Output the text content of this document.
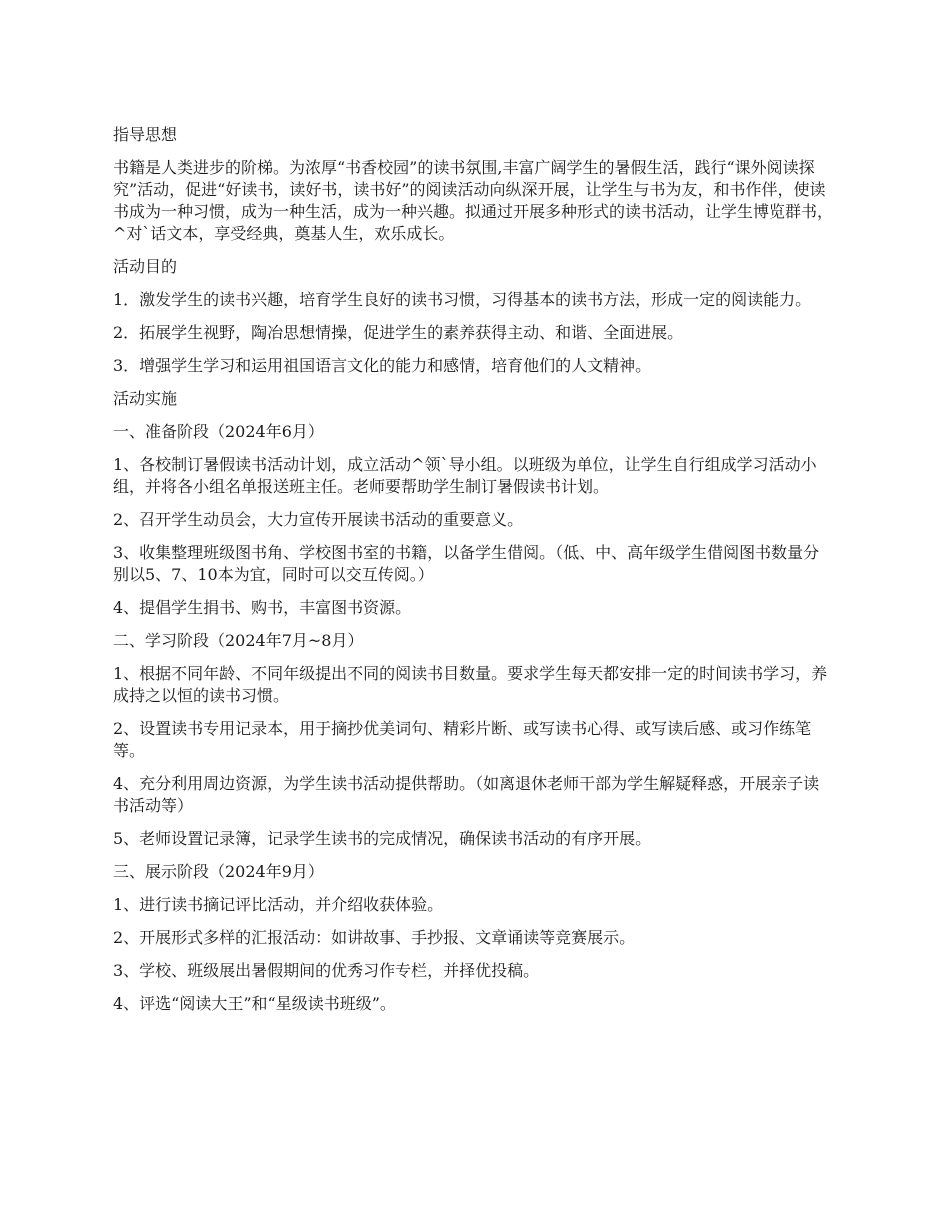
指导思想

书籍是人类进步的阶梯。为浓厚“书香校园”的读书氛围,丰富广阔学生的暑假生活，践行“课外阅读探究”活动，促进“好读书，读好书，读书好”的阅读活动向纵深开展，让学生与书为友，和书作伴，使读书成为一种习惯，成为一种生活，成为一种兴趣。拟通过开展多种形式的读书活动，让学生博览群书，^对`话文本，享受经典，奠基人生，欢乐成长。

活动目的

1．激发学生的读书兴趣，培育学生良好的读书习惯，习得基本的读书方法，形成一定的阅读能力。

2．拓展学生视野，陶冶思想情操，促进学生的素养获得主动、和谐、全面进展。

3．增强学生学习和运用祖国语言文化的能力和感情，培育他们的人文精神。

活动实施

一、准备阶段（2024年6月）

1、各校制订暑假读书活动计划，成立活动^领`导小组。以班级为单位，让学生自行组成学习活动小组，并将各小组名单报送班主任。老师要帮助学生制订暑假读书计划。

2、召开学生动员会，大力宣传开展读书活动的重要意义。

3、收集整理班级图书角、学校图书室的书籍，以备学生借阅。（低、中、高年级学生借阅图书数量分别以5、7、10本为宜，同时可以交互传阅。）

4、提倡学生捐书、购书，丰富图书资源。

二、学习阶段（2024年7月~8月）

1、根据不同年龄、不同年级提出不同的阅读书目数量。要求学生每天都安排一定的时间读书学习，养成持之以恒的读书习惯。

2、设置读书专用记录本，用于摘抄优美词句、精彩片断、或写读书心得、或写读后感、或习作练笔等。

4、充分利用周边资源，为学生读书活动提供帮助。（如离退休老师干部为学生解疑释惑，开展亲子读书活动等）

5、老师设置记录簿，记录学生读书的完成情况，确保读书活动的有序开展。

三、展示阶段（2024年9月）

1、进行读书摘记评比活动，并介绍收获体验。

2、开展形式多样的汇报活动：如讲故事、手抄报、文章诵读等竞赛展示。

3、学校、班级展出暑假期间的优秀习作专栏，并择优投稿。

4、评选“阅读大王”和“星级读书班级”。
